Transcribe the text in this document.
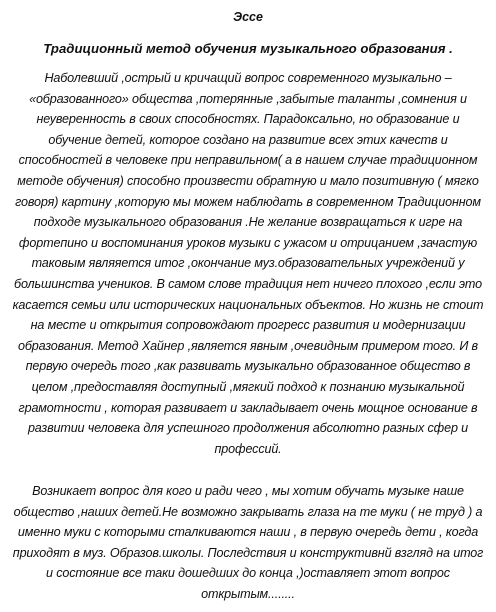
Эссе
Традиционный метод обучения музыкального образования .
Наболевший ,острый и кричащий вопрос современного музыкально –
«образованного» общества ,потерянные ,забытые таланты ,сомнения и
неуверенность в своих способностях. Парадоксально, но образование и
обучение детей, которое создано на развитие всех этих качеств и
способностей в человеке при неправильном( а в нашем случае традиционном
методе обучения) способно произвести обратную и мало позитивную ( мягко
говоря) картину ,которую мы можем наблюдать в современном Традиционном
подходе музыкального образования .Не желание возвращаться к игре на
фортепино и воспоминания уроков музыки с ужасом и отрицанием ,зачастую
таковым являяется итог ,окончание муз.образовательных учреждений у
большинства учеников. В самом слове традиция нет ничего плохого ,если это
касается семьи или исторических национальных объектов. Но жизнь не стоит
на месте и открытия сопровождают прогресс развития и модернизации
образования. Метод Хайнер ,является явным ,очевидным примером того. И в
первую очередь того ,как развивать музыкально образованное общество в
целом ,предоставляя доступный ,мягкий подход к познанию музыкальной
грамотности , которая развивает и закладывает очень мощное основание в
развитии человека для успешного продолжения абсолютно разных сфер и
профессий.
Возникает вопрос для кого и ради чего , мы хотим обучать музыке наше
общество ,наших детей.Не возможно закрывать глаза на те муки ( не труд ) а
именно муки с которыми сталкиваются наши , в первую очередь дети , когда
приходят в муз. Образов.школы. Последствия и конструктивнй взгляд на итог
и состояние все таки дошедших до конца ,)оставляет этот вопрос
открытым........
